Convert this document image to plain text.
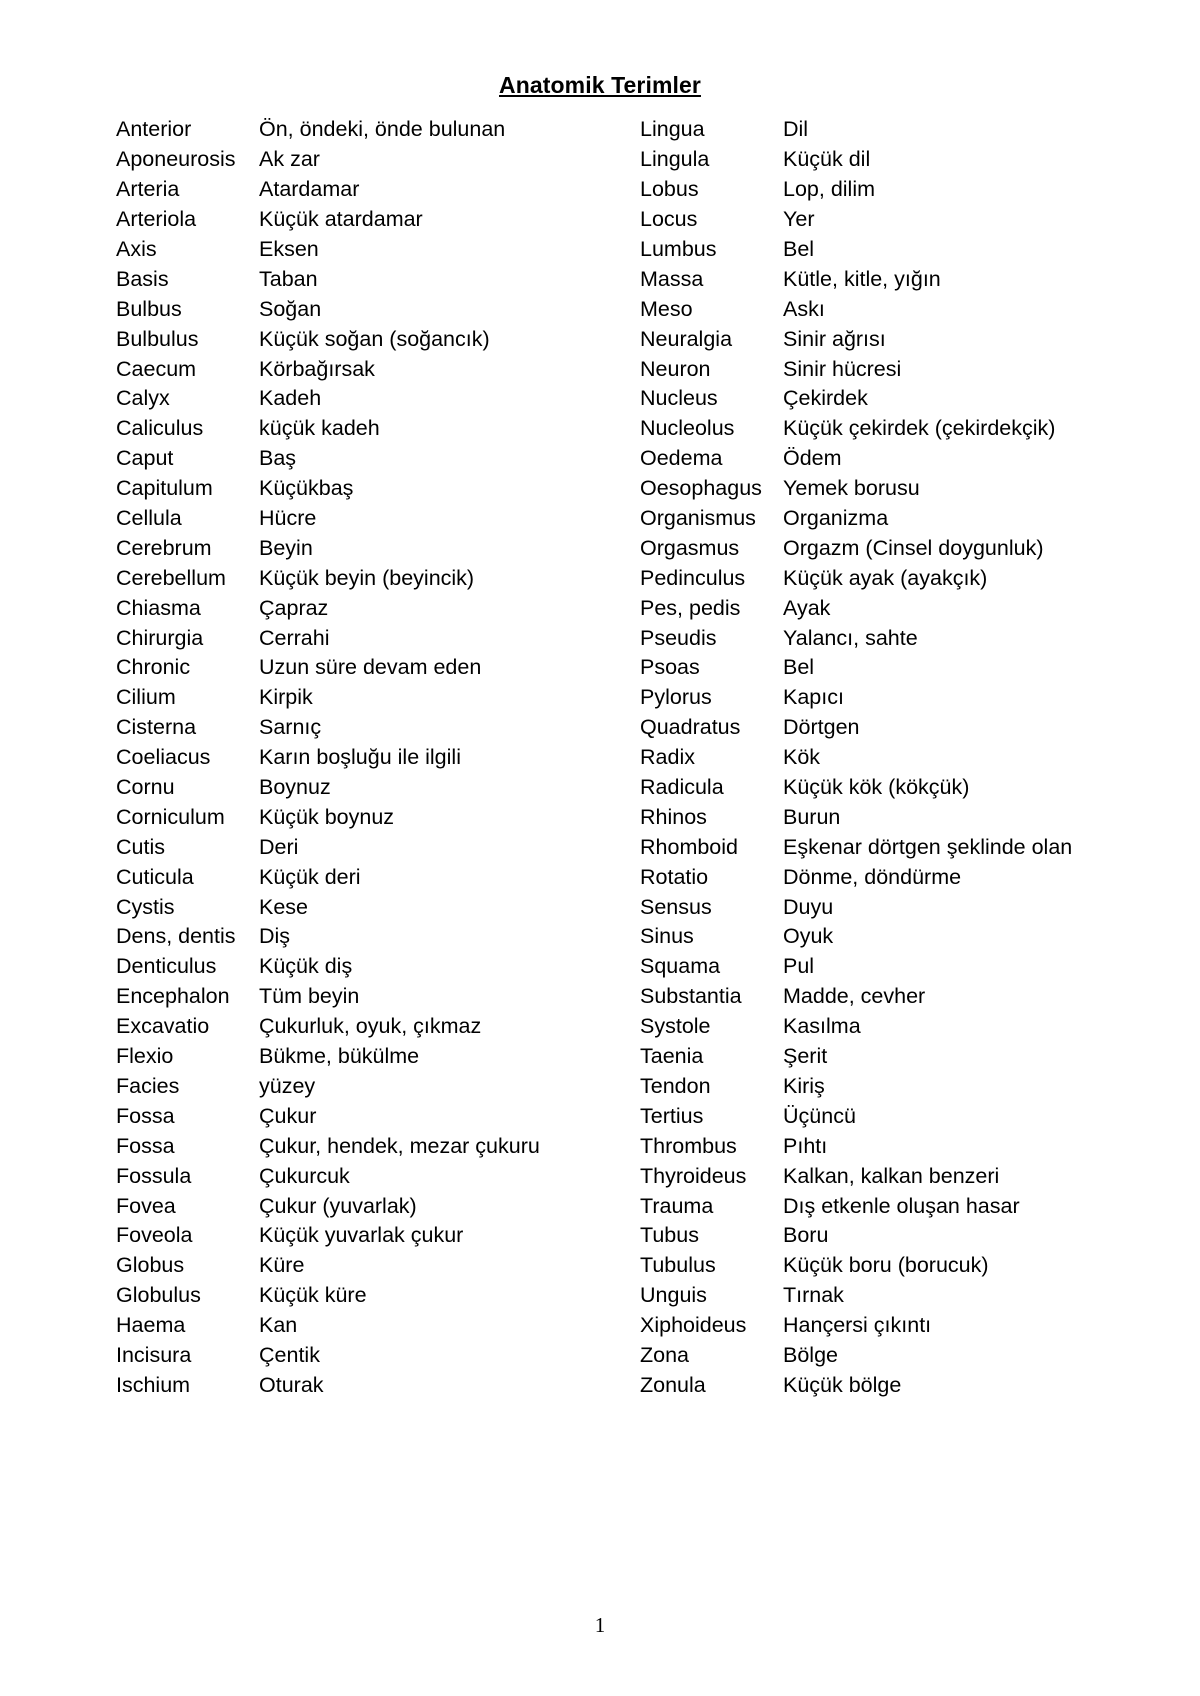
Anatomik Terimler
Anterior	Ön, öndeki, önde bulunan
Aponeurosis	Ak zar
Arteria	Atardamar
Arteriola	Küçük atardamar
Axis	Eksen
Basis	Taban
Bulbus	Soğan
Bulbulus	Küçük soğan (soğancık)
Caecum	Körbağırsak
Calyx	Kadeh
Caliculus	küçük kadeh
Caput	Baş
Capitulum	Küçükbaş
Cellula	Hücre
Cerebrum	Beyin
Cerebellum	Küçük beyin (beyincik)
Chiasma	Çapraz
Chirurgia	Cerrahi
Chronic	Uzun süre devam eden
Cilium	Kirpik
Cisterna	Sarnıç
Coeliacus	Karın boşluğu ile ilgili
Cornu	Boynuz
Corniculum	Küçük boynuz
Cutis	Deri
Cuticula	Küçük deri
Cystis	Kese
Dens, dentis	Diş
Denticulus	Küçük diş
Encephalon	Tüm beyin
Excavatio	Çukurluk, oyuk, çıkmaz
Flexio	Bükme, bükülme
Facies	yüzey
Fossa	Çukur
Fossa	Çukur, hendek, mezar çukuru
Fossula	Çukurcuk
Fovea	Çukur (yuvarlak)
Foveola	Küçük yuvarlak çukur
Globus	Küre
Globulus	Küçük küre
Haema	Kan
Incisura	Çentik
Ischium	Oturak
Lingua	Dil
Lingula	Küçük dil
Lobus	Lop, dilim
Locus	Yer
Lumbus	Bel
Massa	Kütle, kitle, yığın
Meso	Askı
Neuralgia	Sinir ağrısı
Neuron	Sinir hücresi
Nucleus	Çekirdek
Nucleolus	Küçük çekirdek (çekirdekçik)
Oedema	Ödem
Oesophagus Yemek borusu
Organismus	Organizma
Orgasmus	Orgazm (Cinsel doygunluk)
Pedinculus	Küçük ayak (ayakçık)
Pes, pedis	Ayak
Pseudis	Yalancı, sahte
Psoas	Bel
Pylorus	Kapıcı
Quadratus	Dörtgen
Radix	Kök
Radicula	Küçük kök (kökçük)
Rhinos	Burun
Rhomboid	Eşkenar dörtgen şeklinde olan
Rotatio	Dönme, döndürme
Sensus	Duyu
Sinus	Oyuk
Squama	Pul
Substantia	Madde, cevher
Systole	Kasılma
Taenia	Şerit
Tendon	Kiriş
Tertius	Üçüncü
Thrombus	Pıhtı
Thyroideus	Kalkan, kalkan benzeri
Trauma	Dış etkenle oluşan hasar
Tubus	Boru
Tubulus	Küçük boru (borucuk)
Unguis	Tırnak
Xiphoideus	Hançersi çıkıntı
Zona	Bölge
Zonula	Küçük bölge
1
